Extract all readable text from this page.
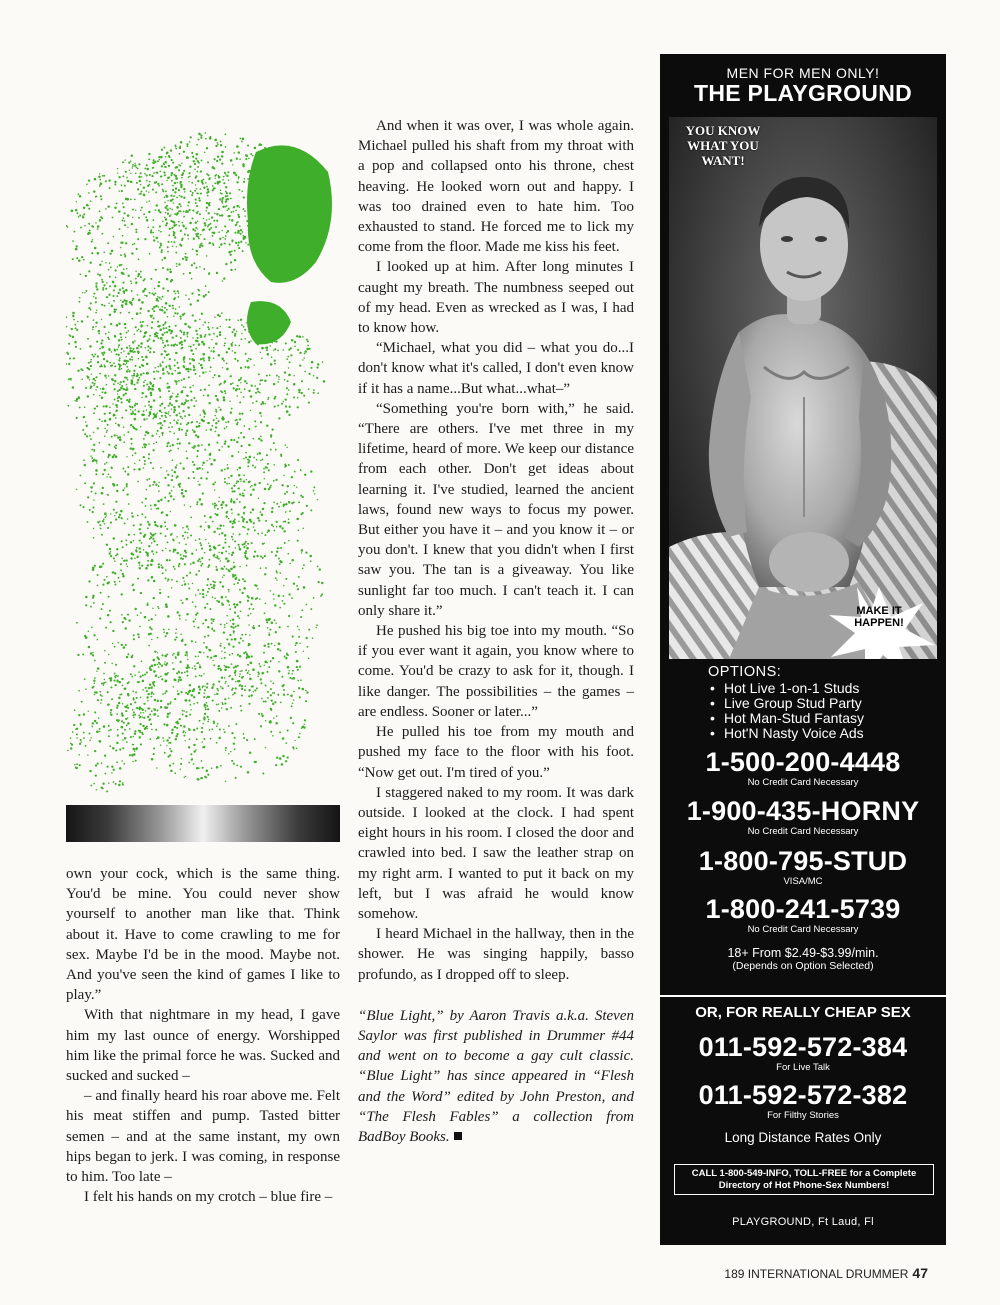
own your cock, which is the same thing. You'd be mine. You could never show yourself to another man like that. Think about it. Have to come crawling to me for sex. Maybe I'd be in the mood. Maybe not. And you've seen the kind of games I like to play.”

With that nightmare in my head, I gave him my last ounce of energy. Worshipped him like the primal force he was. Sucked and sucked and sucked –

– and finally heard his roar above me. Felt his meat stiffen and pump. Tasted bitter semen – and at the same instant, my own hips began to jerk. I was coming, in response to him. Too late –

I felt his hands on my crotch – blue fire –

And when it was over, I was whole again. Michael pulled his shaft from my throat with a pop and collapsed onto his throne, chest heaving. He looked worn out and happy. I was too drained even to hate him. Too exhausted to stand. He forced me to lick my come from the floor. Made me kiss his feet.

I looked up at him. After long minutes I caught my breath. The numbness seeped out of my head. Even as wrecked as I was, I had to know how.

“Michael, what you did – what you do...I don't know what it's called, I don't even know if it has a name...But what...what–”

“Something you're born with,” he said. “There are others. I've met three in my lifetime, heard of more. We keep our distance from each other. Don't get ideas about learning it. I've studied, learned the ancient laws, found new ways to focus my power. But either you have it – and you know it – or you don't. I knew that you didn't when I first saw you. The tan is a giveaway. You like sunlight far too much. I can't teach it. I can only share it.”

He pushed his big toe into my mouth. “So if you ever want it again, you know where to come. You'd be crazy to ask for it, though. I like danger. The possibilities – the games – are endless. Sooner or later...”

He pulled his toe from my mouth and pushed my face to the floor with his foot. “Now get out. I'm tired of you.”

I staggered naked to my room. It was dark outside. I looked at the clock. I had spent eight hours in his room. I closed the door and crawled into bed. I saw the leather strap on my right arm. I wanted to put it back on my left, but I was afraid he would know somehow.

I heard Michael in the hallway, then in the shower. He was singing happily, basso profundo, as I dropped off to sleep.

“Blue Light,” by Aaron Travis a.k.a. Steven Saylor was first published in Drummer #44 and went on to become a gay cult classic. “Blue Light” has since appeared in “Flesh and the Word” edited by John Preston, and “The Flesh Fables” a collection from BadBoy Books.

MEN FOR MEN ONLY!
THE PLAYGROUND
YOU KNOW WHAT YOU WANT!
MAKE IT HAPPEN!
OPTIONS:
• Hot Live 1-on-1 Studs
• Live Group Stud Party
• Hot Man-Stud Fantasy
• Hot'N Nasty Voice Ads
1-500-200-4448
No Credit Card Necessary
1-900-435-HORNY
No Credit Card Necessary
1-800-795-STUD
VISA/MC
1-800-241-5739
No Credit Card Necessary
18+ From $2.49-$3.99/min.
(Depends on Option Selected)
OR, FOR REALLY CHEAP SEX
011-592-572-384
For Live Talk
011-592-572-382
For Filthy Stories
Long Distance Rates Only
CALL 1-800-549-INFO, TOLL-FREE for a Complete Directory of Hot Phone-Sex Numbers!
PLAYGROUND, Ft Laud, Fl
189 INTERNATIONAL DRUMMER 47
